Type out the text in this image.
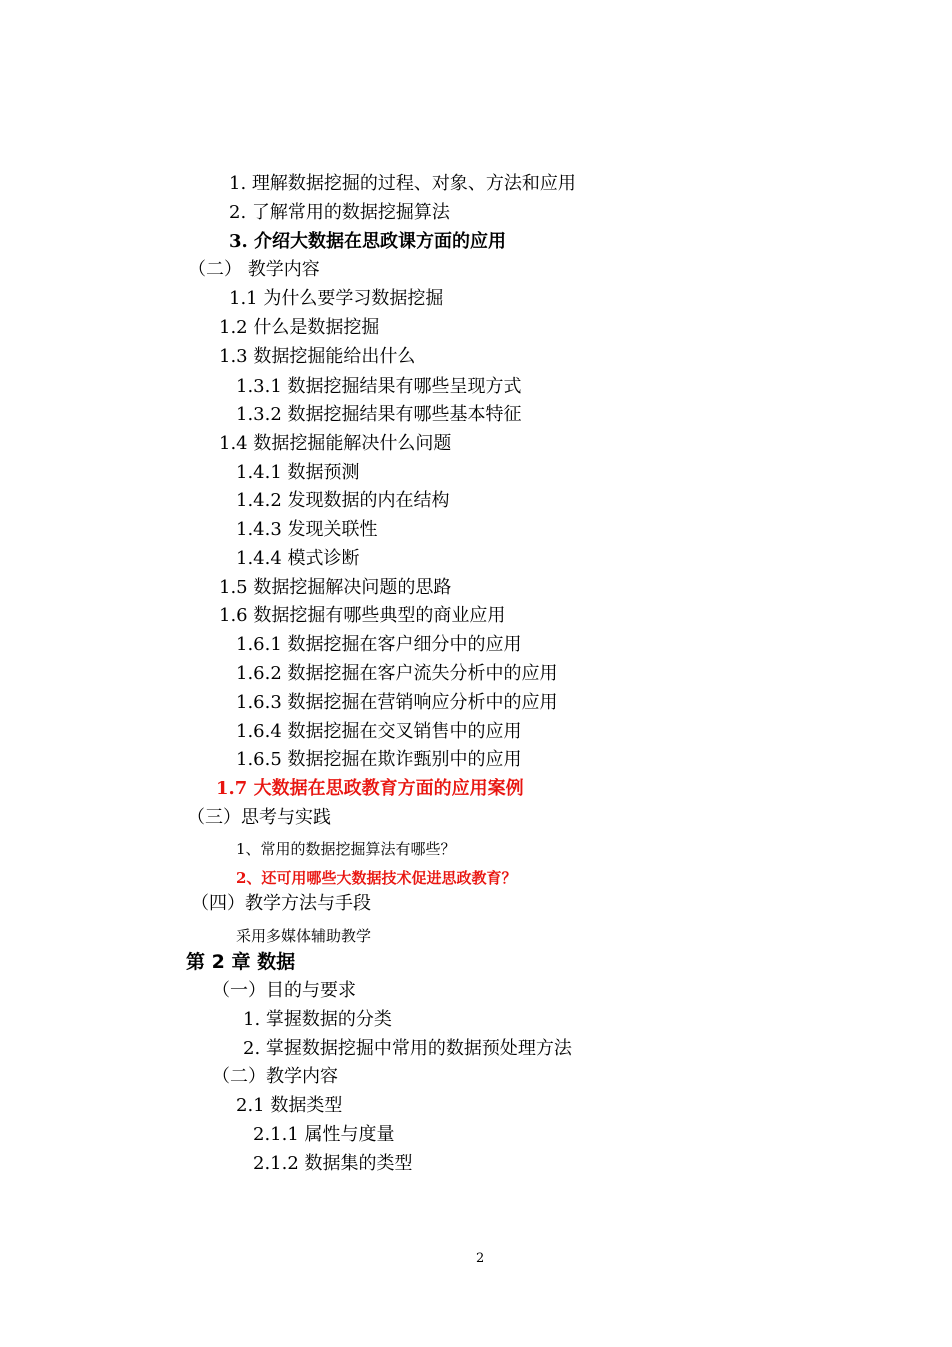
1. 理解数据挖掘的过程、对象、方法和应用
2. 了解常用的数据挖掘算法
3. 介绍大数据在思政课方面的应用
（二） 教学内容
1.1 为什么要学习数据挖掘
1.2 什么是数据挖掘
1.3 数据挖掘能给出什么
1.3.1 数据挖掘结果有哪些呈现方式
1.3.2 数据挖掘结果有哪些基本特征
1.4 数据挖掘能解决什么问题
1.4.1 数据预测
1.4.2 发现数据的内在结构
1.4.3 发现关联性
1.4.4 模式诊断
1.5 数据挖掘解决问题的思路
1.6 数据挖掘有哪些典型的商业应用
1.6.1 数据挖掘在客户细分中的应用
1.6.2 数据挖掘在客户流失分析中的应用
1.6.3 数据挖掘在营销响应分析中的应用
1.6.4 数据挖掘在交叉销售中的应用
1.6.5 数据挖掘在欺诈甄别中的应用
1.7 大数据在思政教育方面的应用案例
（三）思考与实践
1、常用的数据挖掘算法有哪些？
2、还可用哪些大数据技术促进思政教育？
（四）教学方法与手段
采用多媒体辅助教学
第 2 章 数据
（一）目的与要求
1. 掌握数据的分类
2. 掌握数据挖掘中常用的数据预处理方法
（二）教学内容
2.1 数据类型
2.1.1 属性与度量
2.1.2 数据集的类型
2
